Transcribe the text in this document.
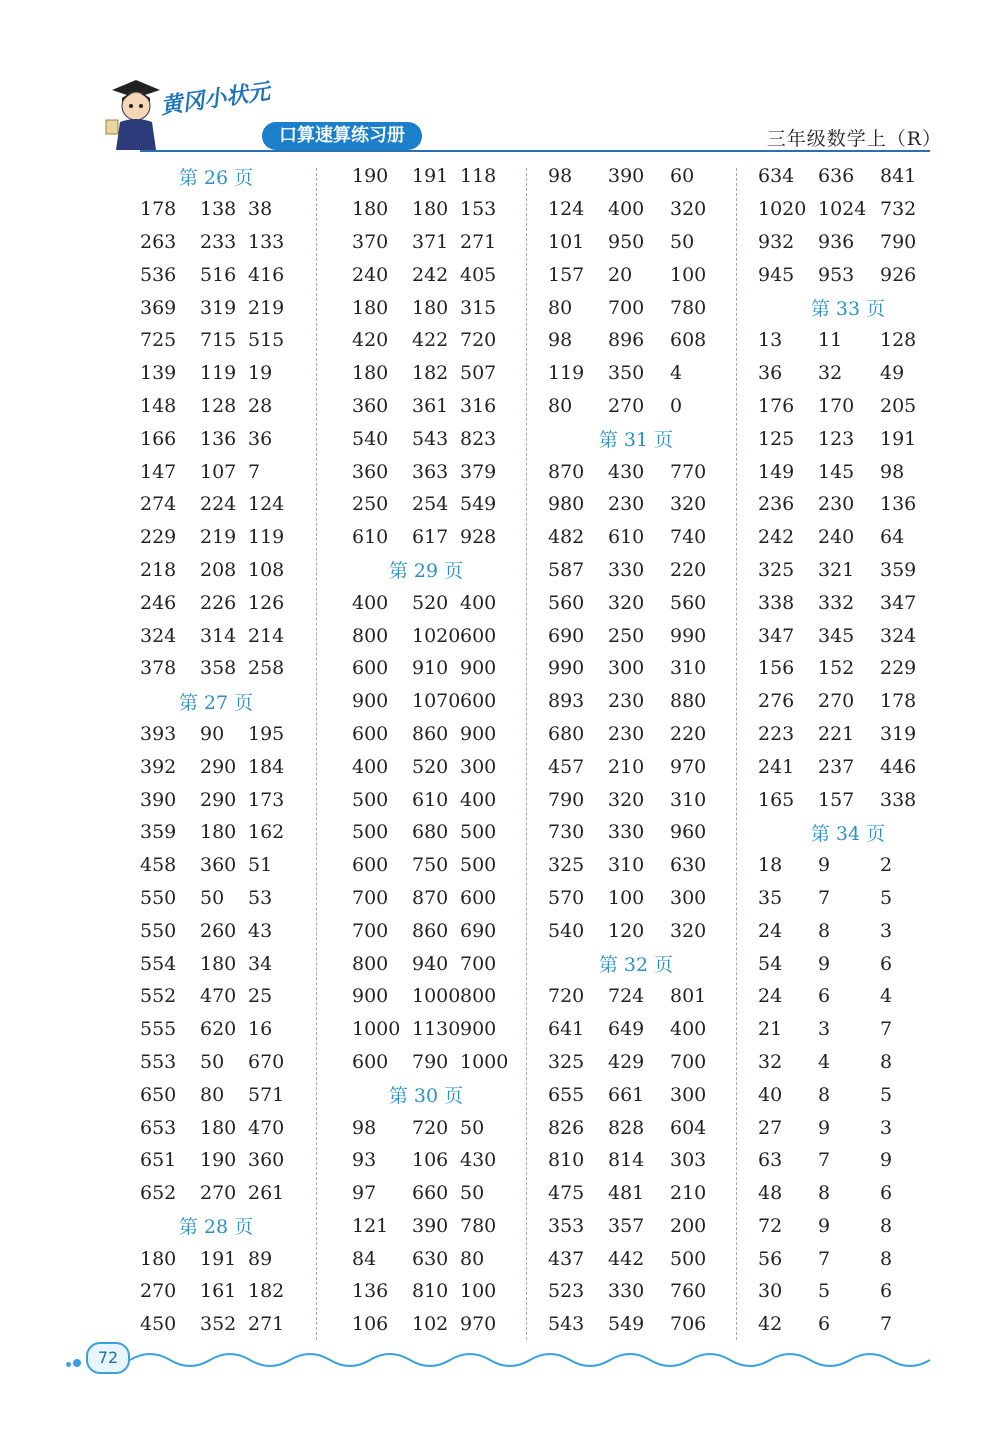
黄冈小状元
口算速算练习册	三年级数学上（R）
第 26 页
178 138 38
263 233 133
536 516 416
369 319 219
725 715 515
139 119 19
148 128 28
166 136 36
147 107 7
274 224 124
229 219 119
218 208 108
246 226 126
324 314 214
378 358 258
第 27 页
393 90 195
392 290 184
390 290 173
359 180 162
458 360 51
550 50 53
550 260 43
554 180 34
552 470 25
555 620 16
553 50 670
650 80 571
653 180 470
651 190 360
652 270 261
第 28 页
180 191 89
270 161 182
450 352 271
190 191 118
180 180 153
370 371 271
240 242 405
180 180 315
420 422 720
180 182 507
360 361 316
540 543 823
360 363 379
250 254 549
610 617 928
第 29 页
400 520 400
800 1020 600
600 910 900
900 1070 600
600 860 900
400 520 300
500 610 400
500 680 500
600 750 500
700 870 600
700 860 690
800 940 700
900 1000 800
1000 1130 900
600 790 1000
第 30 页
98 720 50
93 106 430
97 660 50
121 390 780
84 630 80
136 810 100
106 102 970
98 390 60
124 400 320
101 950 50
157 20 100
80 700 780
98 896 608
119 350 4
80 270 0
第 31 页
870 430 770
980 230 320
482 610 740
587 330 220
560 320 560
690 250 990
990 300 310
893 230 880
680 230 220
457 210 970
790 320 310
730 330 960
325 310 630
570 100 300
540 120 320
第 32 页
720 724 801
641 649 400
325 429 700
655 661 300
826 828 604
810 814 303
475 481 210
353 357 200
437 442 500
523 330 760
543 549 706
634 636 841
1020 1024 732
932 936 790
945 953 926
第 33 页
13 11 128
36 32 49
176 170 205
125 123 191
149 145 98
236 230 136
242 240 64
325 321 359
338 332 347
347 345 324
156 152 229
276 270 178
223 221 319
241 237 446
165 157 338
第 34 页
18 9	2
35 7	5
24 8	3
54 9	6
24 6	4
21 3	7
32 4	8
40 8	5
27 9	3
63 7	9
48 8	6
72 9	8
56 7	8
30 5	6
42 6	7
72
